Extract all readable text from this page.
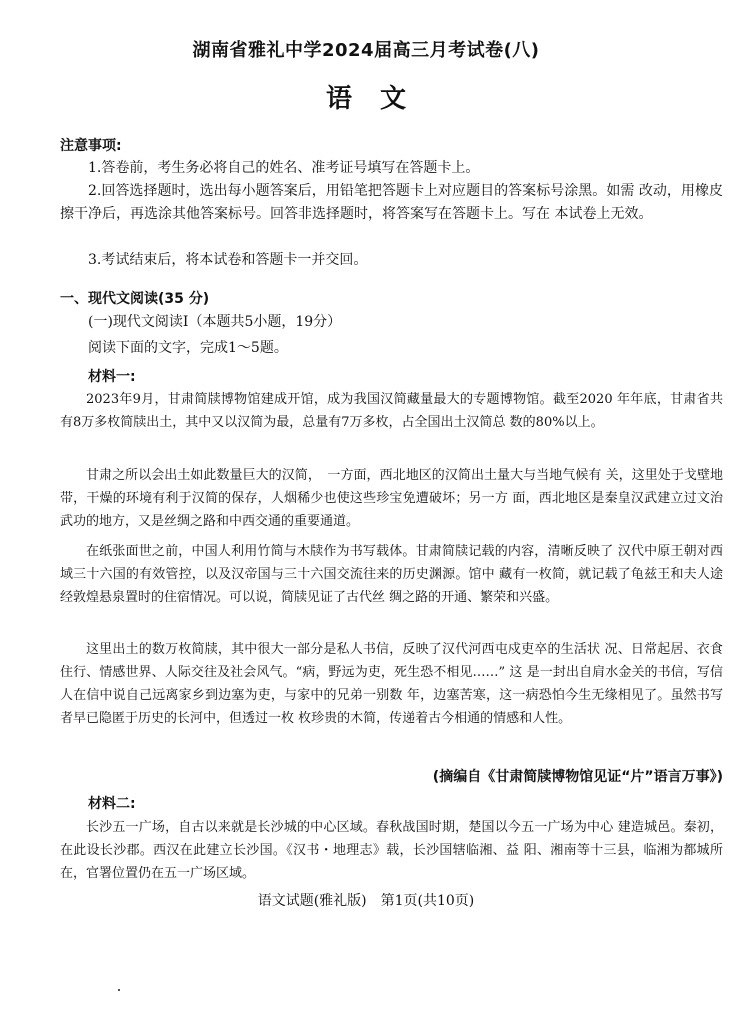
湖南省雅礼中学2024届高三月考试卷(八)
语文
注意事项:
1.答卷前，考生务必将自己的姓名、准考证号填写在答题卡上。
2.回答选择题时，选出每小题答案后，用铅笔把答题卡上对应题目的答案标号涂黑。如需 改动，用橡皮擦干净后，再选涂其他答案标号。回答非选择题时，将答案写在答题卡上。写在 本试卷上无效。
3.考试结束后，将本试卷和答题卡一并交回。
一、现代文阅读(35 分)
(一)现代文阅读I（本题共5小题，19分）
阅读下面的文字，完成1～5题。
材料一:
2023年9月，甘肃简牍博物馆建成开馆，成为我国汉简藏量最大的专题博物馆。截至2020 年年底，甘肃省共有8万多枚简牍出土，其中又以汉简为最，总量有7万多枚，占全国出土汉简总 数的80%以上。
甘肃之所以会出土如此数量巨大的汉简，　一方面，西北地区的汉简出土量大与当地气候有 关，这里处于戈壁地带，干燥的环境有利于汉简的保存，人烟稀少也使这些珍宝免遭破坏；另一方 面，西北地区是秦皇汉武建立过文治武功的地方，又是丝绸之路和中西交通的重要通道。
在纸张面世之前，中国人利用竹简与木牍作为书写载体。甘肃简牍记载的内容，清晰反映了 汉代中原王朝对西域三十六国的有效管控，以及汉帝国与三十六国交流往来的历史渊源。馆中 藏有一枚简，就记载了龟兹王和夫人途经敦煌悬泉置时的住宿情况。可以说，简牍见证了古代丝 绸之路的开通、繁荣和兴盛。
这里出土的数万枚简牍，其中很大一部分是私人书信，反映了汉代河西屯戍吏卒的生活状 况、日常起居、衣食住行、情感世界、人际交往及社会风气。“病，野远为吏，死生恐不相见……” 这 是一封出自肩水金关的书信，写信人在信中说自己远离家乡到边塞为吏，与家中的兄弟一别数 年，边塞苦寒，这一病恐怕今生无缘相见了。虽然书写者早已隐匿于历史的长河中，但透过一枚 枚珍贵的木简，传递着古今相通的情感和人性。
(摘编自《甘肃简牍博物馆见证“片”语言万事》)
材料二:
长沙五一广场，自古以来就是长沙城的中心区域。春秋战国时期，楚国以今五一广场为中心 建造城邑。秦初，在此设长沙郡。西汉在此建立长沙国。《汉书・地理志》载，长沙国辖临湘、益 阳、湘南等十三县，临湘为都城所在，官署位置仍在五一广场区域。
语文试题(雅礼版)　第1页(共10页)
